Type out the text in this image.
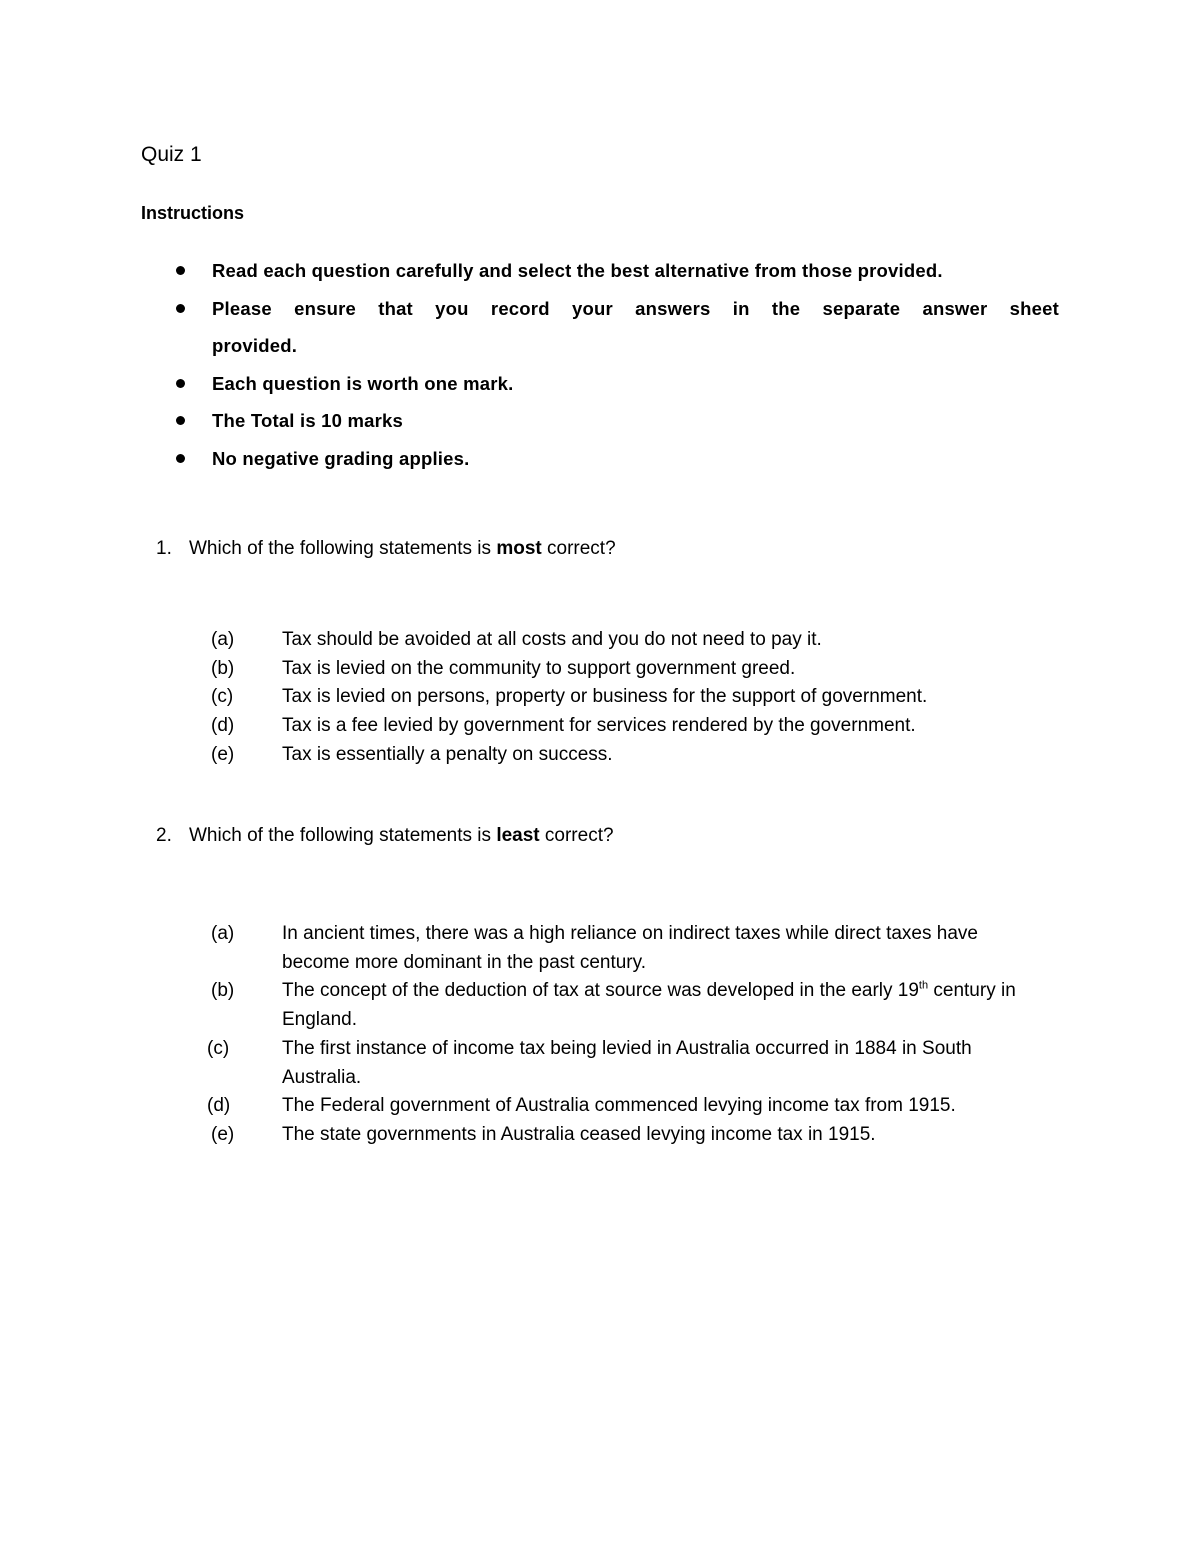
Quiz 1
Instructions
Read each question carefully and select the best alternative from those provided.
Please ensure that you record your answers in the separate answer sheet
provided.
Each question is worth one mark.
The Total is 10 marks
No negative grading applies.
1. Which of the following statements is most correct?
(a)	Tax should be avoided at all costs and you do not need to pay it.
(b)	Tax is levied on the community to support government greed.
(c)	Tax is levied on persons, property or business for the support of government.
(d)	Tax is a fee levied by government for services rendered by the government.
(e)	Tax is essentially a penalty on success.
2. Which of the following statements is least correct?
(a)	In ancient times, there was a high reliance on indirect taxes while direct taxes have become more dominant in the past century.
(b)	The concept of the deduction of tax at source was developed in the early 19th century in England.
(c)	The first instance of income tax being levied in Australia occurred in 1884 in South Australia.
(d)	The Federal government of Australia commenced levying income tax from 1915.
(e)	The state governments in Australia ceased levying income tax in 1915.
